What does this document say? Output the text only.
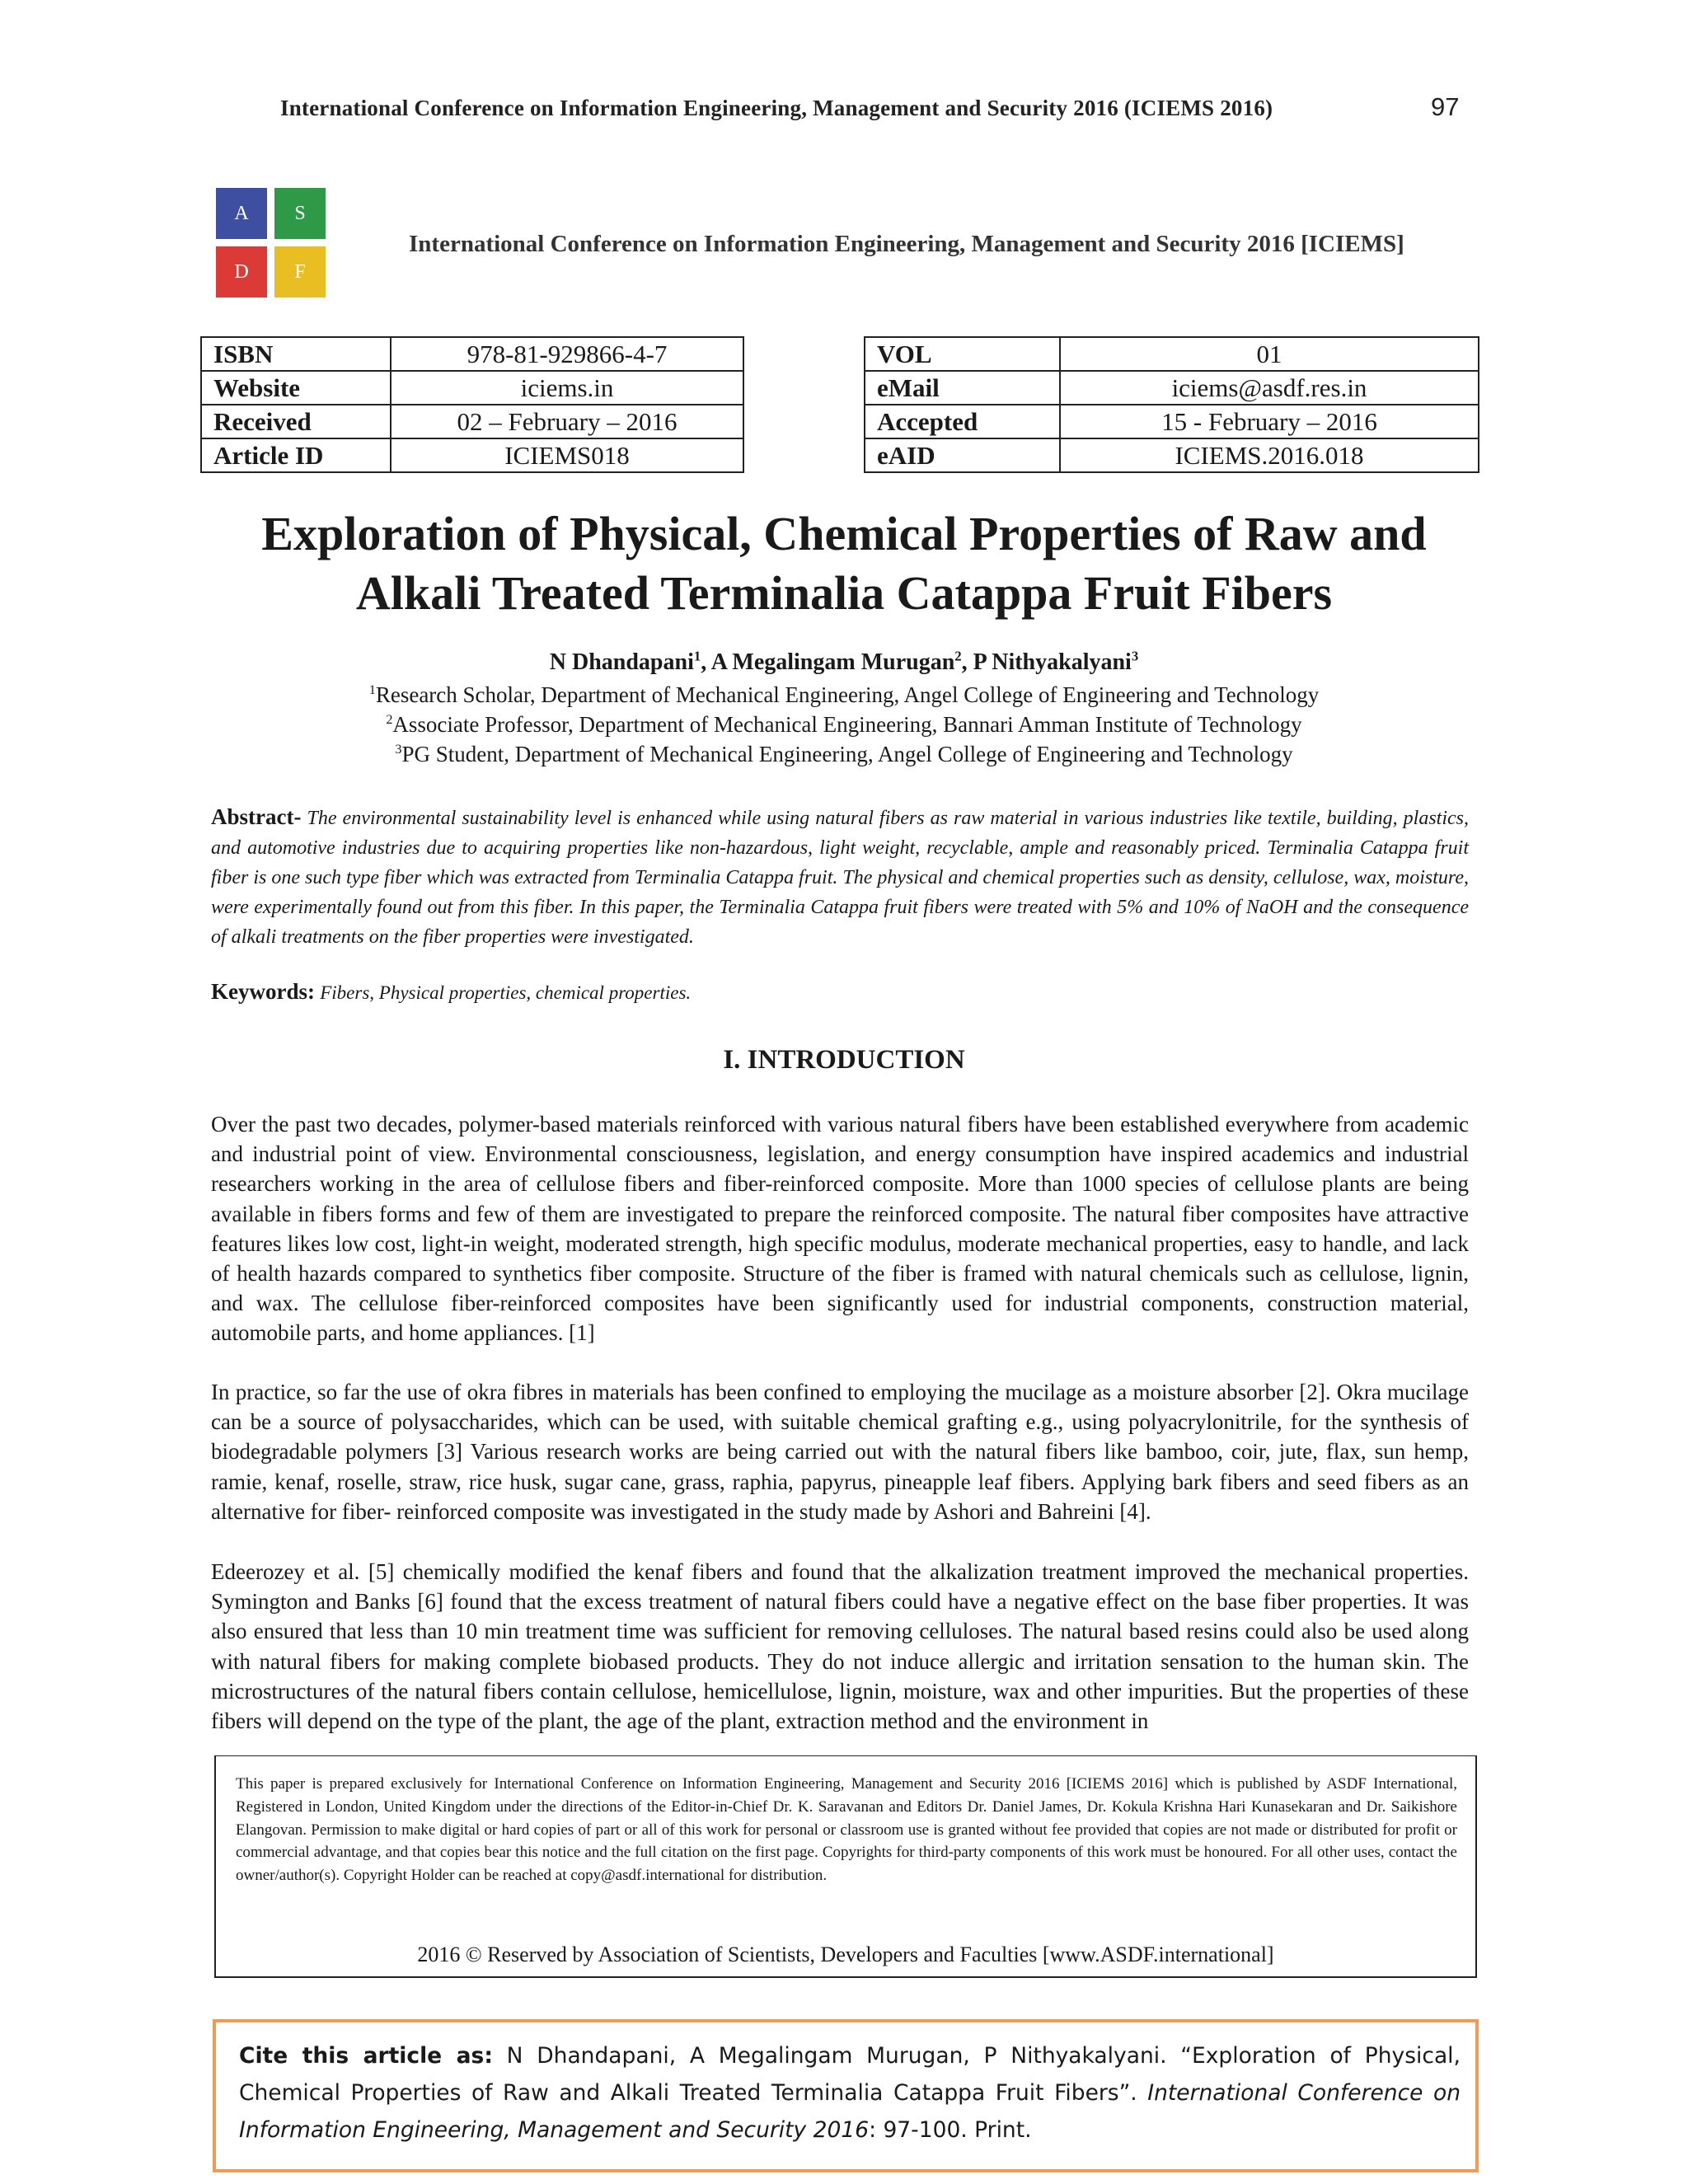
International Conference on Information Engineering, Management and Security 2016 (ICIEMS 2016)	97
A	S
D	F
International Conference on Information Engineering, Management and Security 2016 [ICIEMS]
ISBN	978-81-929866-4-7
Website	iciems.in
Received	02 – February – 2016
Article ID	ICIEMS018
VOL	01
eMail	iciems@asdf.res.in
Accepted	15 - February – 2016
eAID	ICIEMS.2016.018
Exploration of Physical, Chemical Properties of Raw and
Alkali Treated Terminalia Catappa Fruit Fibers
N Dhandapani$^1$, A Megalingam Murugan$^2$, P Nithyakalyani$^3$
$^1$Research Scholar, Department of Mechanical Engineering, Angel College of Engineering and Technology
$^2$Associate Professor, Department of Mechanical Engineering, Bannari Amman Institute of Technology
$^3$PG Student, Department of Mechanical Engineering, Angel College of Engineering and Technology
Abstract- The environmental sustainability level is enhanced while using natural fibers as raw material in various industries like textile, building, plastics, and automotive industries due to acquiring properties like non-hazardous, light weight, recyclable, ample and reasonably priced. Terminalia Catappa fruit fiber is one such type fiber which was extracted from Terminalia Catappa fruit. The physical and chemical properties such as density, cellulose, wax, moisture, were experimentally found out from this fiber. In this paper, the Terminalia Catappa fruit fibers were treated with 5% and 10% of NaOH and the consequence of alkali treatments on the fiber properties were investigated.
Keywords: Fibers, Physical properties, chemical properties.
I. INTRODUCTION

Over the past two decades, polymer-based materials reinforced with various natural fibers have been established everywhere from academic and industrial point of view. Environmental consciousness, legislation, and energy consumption have inspired academics and industrial researchers working in the area of cellulose fibers and fiber-reinforced composite. More than 1000 species of cellulose plants are being available in fibers forms and few of them are investigated to prepare the reinforced composite. The natural fiber composites have attractive features likes low cost, light-in weight, moderated strength, high specific modulus, moderate mechanical properties, easy to handle, and lack of health hazards compared to synthetics fiber composite. Structure of the fiber is framed with natural chemicals such as cellulose, lignin, and wax. The cellulose fiber-reinforced composites have been significantly used for industrial components, construction material, automobile parts, and home appliances. [1]

In practice, so far the use of okra fibres in materials has been confined to employing the mucilage as a moisture absorber [2]. Okra mucilage can be a source of polysaccharides, which can be used, with suitable chemical grafting e.g., using polyacrylonitrile, for the synthesis of biodegradable polymers [3] Various research works are being carried out with the natural fibers like bamboo, coir, jute, flax, sun hemp, ramie, kenaf, roselle, straw, rice husk, sugar cane, grass, raphia, papyrus, pineapple leaf fibers. Applying bark fibers and seed fibers as an alternative for fiber- reinforced composite was investigated in the study made by Ashori and Bahreini [4].

Edeerozey et al. [5] chemically modified the kenaf fibers and found that the alkalization treatment improved the mechanical properties. Symington and Banks [6] found that the excess treatment of natural fibers could have a negative effect on the base fiber properties. It was also ensured that less than 10 min treatment time was sufficient for removing celluloses. The natural based resins could also be used along with natural fibers for making complete biobased products. They do not induce allergic and irritation sensation to the human skin. The microstructures of the natural fibers contain cellulose, hemicellulose, lignin, moisture, wax and other impurities. But the properties of these fibers will depend on the type of the plant, the age of the plant, extraction method and the environment in

This paper is prepared exclusively for International Conference on Information Engineering, Management and Security 2016 [ICIEMS 2016] which is published by ASDF International, Registered in London, United Kingdom under the directions of the Editor-in-Chief Dr. K. Saravanan and Editors Dr. Daniel James, Dr. Kokula Krishna Hari Kunasekaran and Dr. Saikishore Elangovan. Permission to make digital or hard copies of part or all of this work for personal or classroom use is granted without fee provided that copies are not made or distributed for profit or commercial advantage, and that copies bear this notice and the full citation on the first page. Copyrights for third-party components of this work must be honoured. For all other uses, contact the owner/author(s). Copyright Holder can be reached at copy@asdf.international for distribution.
2016 © Reserved by Association of Scientists, Developers and Faculties [www.ASDF.international]
Cite this article as: N Dhandapani, A Megalingam Murugan, P Nithyakalyani. “Exploration of Physical, Chemical Properties of Raw and Alkali Treated Terminalia Catappa Fruit Fibers”. International Conference on Information Engineering, Management and Security 2016: 97-100. Print.
